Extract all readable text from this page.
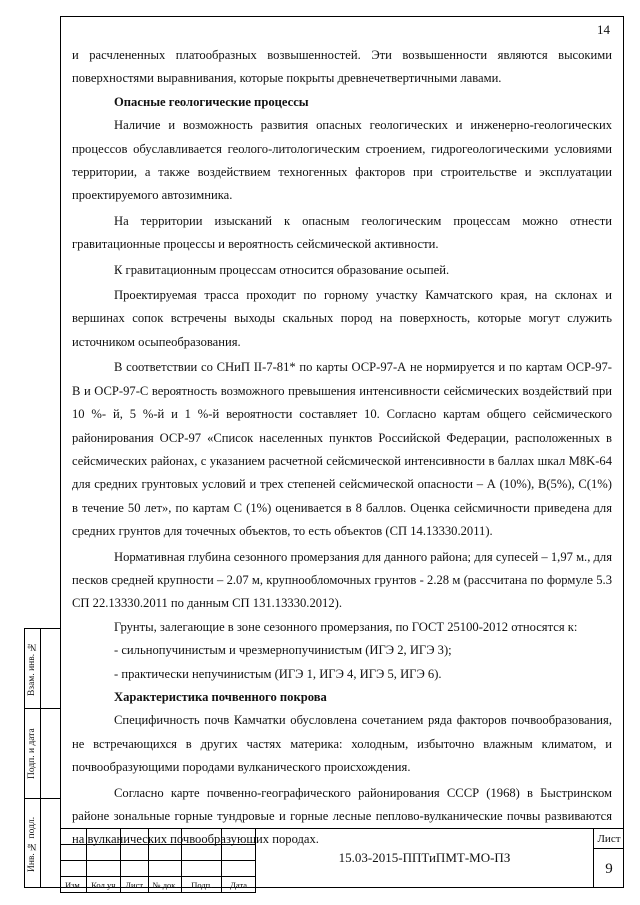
14

и расчлененных платообразных возвышенностей. Эти возвышенности являются высокими поверхностями выравнивания, которые покрыты древнечетвертичными лавами.

Опасные геологические процессы

Наличие и возможность развития опасных геологических и инженерно-геологических процессов обуславливается геолого-литологическим строением, гидрогеологическими условиями территории, а также воздействием техногенных факторов при строительстве и эксплуатации проектируемого автозимника.

На территории изысканий к опасным геологическим процессам можно отнести гравитационные процессы и вероятность сейсмической активности.

К гравитационным процессам относится образование осыпей.

Проектируемая трасса проходит по горному участку Камчатского края, на склонах и вершинах сопок встречены выходы скальных пород на поверхность, которые могут служить источником осыпеобразования.

В соответствии со СНиП II-7-81* по карты ОСР-97-А не нормируется и по картам ОСР-97-В и ОСР-97-С вероятность возможного превышения интенсивности сейсмических воздействий при 10 %- й, 5 %-й и 1 %-й вероятности составляет 10. Согласно картам общего сейсмического районирования ОСР-97 «Список населенных пунктов Российской Федерации, расположенных в сейсмических районах, с указанием расчетной сейсмической интенсивности в баллах шкал M8K-64 для средних грунтовых условий и трех степеней сейсмической опасности – А (10%), В(5%), С(1%) в течение 50 лет», по картам С (1%) оценивается в 8 баллов. Оценка сейсмичности приведена для средних грунтов для точечных объектов, то есть объектов (СП 14.13330.2011).

Нормативная глубина сезонного промерзания для данного района; для супесей – 1,97 м., для песков средней крупности – 2.07 м, крупнообломочных грунтов - 2.28 м (рассчитана по формуле 5.3 СП 22.13330.2011 по данным СП 131.13330.2012).

Грунты, залегающие в зоне сезонного промерзания, по ГОСТ 25100-2012 относятся к:

- сильнопучинистым и чрезмернопучинистым (ИГЭ 2, ИГЭ 3);

- практически непучинистым (ИГЭ 1, ИГЭ 4, ИГЭ 5, ИГЭ 6).

Характеристика почвенного покрова

Специфичность почв Камчатки обусловлена сочетанием ряда факторов почвообразования, не встречающихся в других частях материка: холодным, избыточно влажным климатом, и почвообразующими породами вулканического происхождения.

Согласно карте почвенно-географического районирования СССР (1968) в Быстринском районе зональные горные тундровые и горные лесные пеплово-вулканические почвы развиваются на вулканических почвообразующих породах.

Взам. инв. №
Подп. и дата
Инв. № подл.

Изм.	Кол.уч	Лист	№ док.	Подп.	Дата
15.03-2015-ППТиПМТ-МО-ПЗ
Лист
9
